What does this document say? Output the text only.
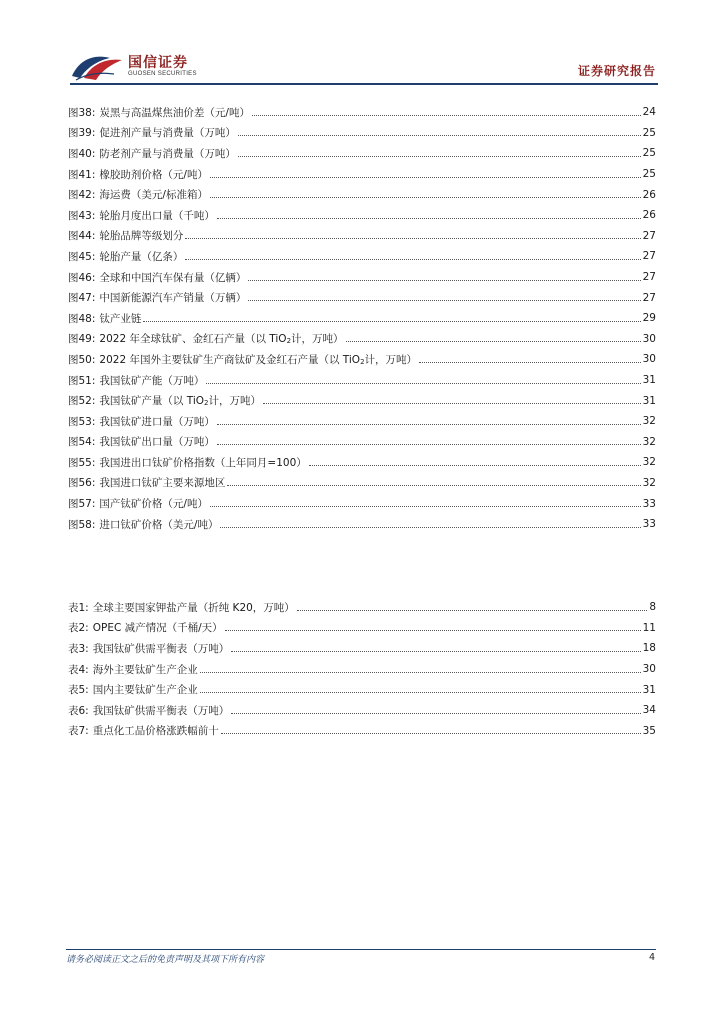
国信证券
GUOSEN SECURITIES	证券研究报告
图38: 炭黑与高温煤焦油价差（元/吨）	24
图39: 促进剂产量与消费量（万吨）	25
图40: 防老剂产量与消费量（万吨）	25
图41: 橡胶助剂价格（元/吨）	25
图42: 海运费（美元/标准箱）	26
图43: 轮胎月度出口量（千吨）	26
图44: 轮胎品牌等级划分	27
图45: 轮胎产量（亿条）	27
图46: 全球和中国汽车保有量（亿辆）	27
图47: 中国新能源汽车产销量（万辆）	27
图48: 钛产业链	29
图49: 2022 年全球钛矿、金红石产量（以 TiO$_2$计，万吨）	30
图50: 2022 年国外主要钛矿生产商钛矿及金红石产量（以 TiO$_2$计，万吨）	30
图51: 我国钛矿产能（万吨）	31
图52: 我国钛矿产量（以 TiO$_2$计，万吨）	31
图53: 我国钛矿进口量（万吨）	32
图54: 我国钛矿出口量（万吨）	32
图55: 我国进出口钛矿价格指数（上年同月=100）	32
图56: 我国进口钛矿主要来源地区	32
图57: 国产钛矿价格（元/吨）	33
图58: 进口钛矿价格（美元/吨）	33
表1: 全球主要国家钾盐产量（折纯 K20，万吨）	8
表2: OPEC 减产情况（千桶/天）	11
表3: 我国钛矿供需平衡表（万吨）	18
表4: 海外主要钛矿生产企业	30
表5: 国内主要钛矿生产企业	31
表6: 我国钛矿供需平衡表（万吨）	34
表7: 重点化工品价格涨跌幅前十	35
请务必阅读正文之后的免责声明及其项下所有内容	4
